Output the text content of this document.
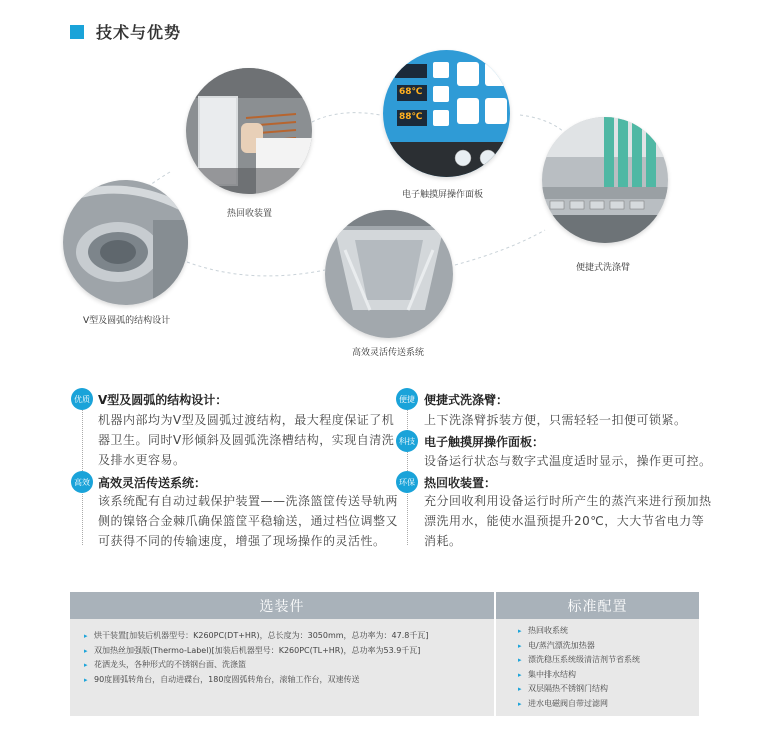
技术与优势
热回收装置
68℃
88℃
电子触摸屏操作面板
便捷式洗涤臂
V型及圆弧的结构设计
高效灵活传送系统
优质 V型及圆弧的结构设计：
机器内部均为V型及圆弧过渡结构，最大程度保证了机
器卫生。同时V形倾斜及圆弧洗涤槽结构，实现自清洗
及排水更容易。
高效 高效灵活传送系统：
该系统配有自动过载保护装置——洗涤篮筐传送导轨两
侧的镍铬合金棘爪确保篮筐平稳输送，通过档位调整又
可获得不同的传输速度，增强了现场操作的灵活性。
便捷 便捷式洗涤臂：
上下洗涤臂拆装方便，只需轻轻一扣便可锁紧。
科技 电子触摸屏操作面板：
设备运行状态与数字式温度适时显示，操作更可控。
环保 热回收装置：
充分回收利用设备运行时所产生的蒸汽来进行预加热
漂洗用水，能使水温预提升20℃，大大节省电力等
消耗。
选装件	标准配置
▸ 烘干装置[加装后机器型号：K260PC(DT+HR)，总长度为：3050mm，总功率为：47.8千瓦]
▸ 双加热丝加强版(Thermo-Label)[加装后机器型号：K260PC(TL+HR)，总功率为53.9千瓦]
▸ 花洒龙头，各种形式的不锈钢台面、洗涤篮
▸ 90度圆弧转角台，自动进碟台，180度圆弧转角台，滚轴工作台，双速传送
▸ 热回收系统
▸ 电/蒸汽漂洗加热器
▸ 漂洗稳压系统级清洁剂节省系统
▸ 集中排水结构
▸ 双层隔热不锈钢门结构
▸ 进水电磁阀自带过滤网
